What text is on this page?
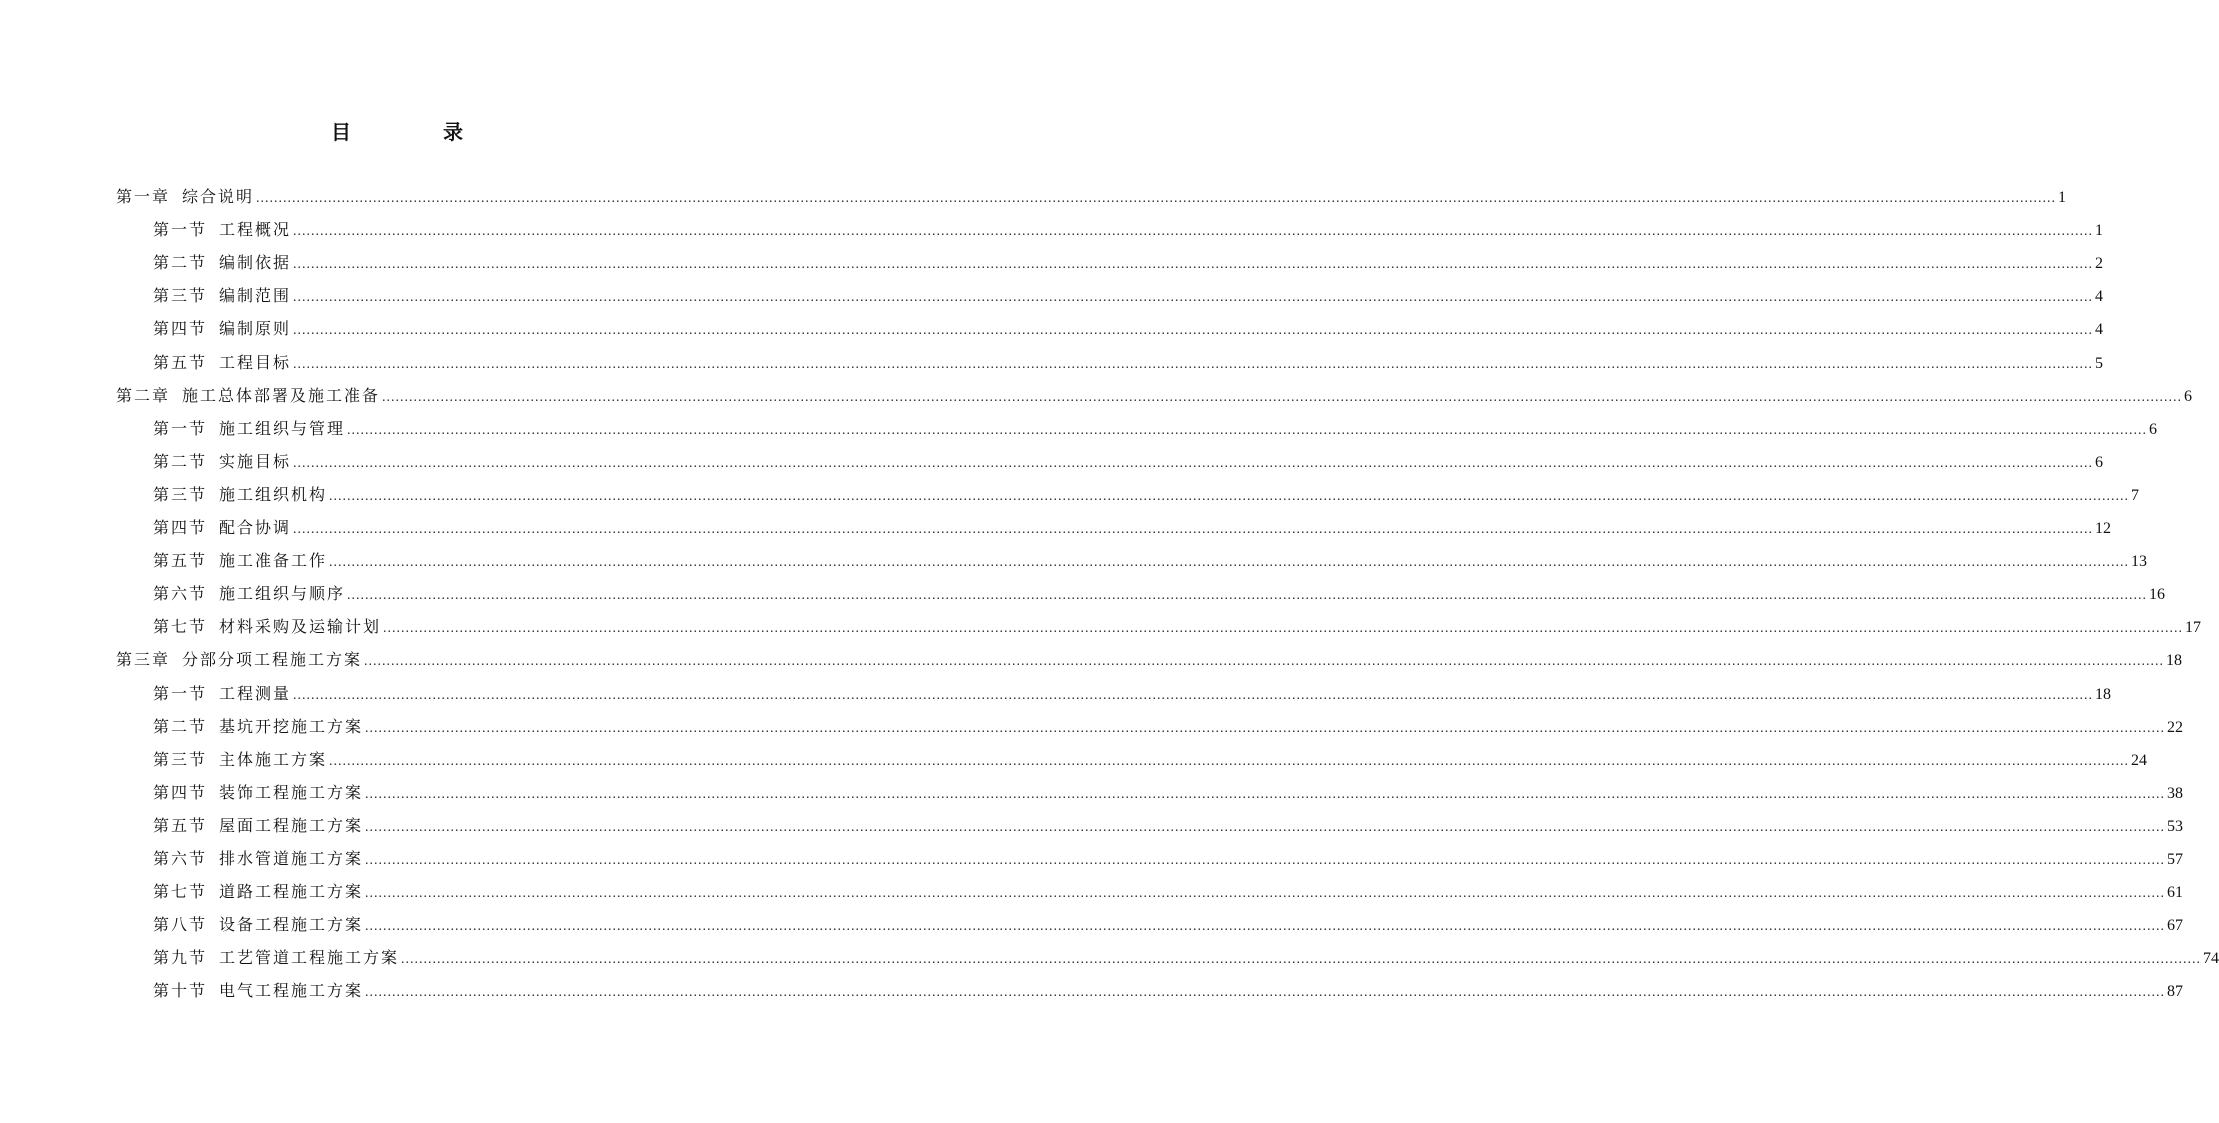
目　录
第一章 综合说明 ................................................................................................................................................................................................................................................................................................................................................................................................................ 1
第一节 工程概况 ................................................................................................................................................................................................................................................................................................................................................................................................................ 1
第二节 编制依据 ................................................................................................................................................................................................................................................................................................................................................................................................................ 2
第三节 编制范围 ................................................................................................................................................................................................................................................................................................................................................................................................................ 4
第四节 编制原则 ................................................................................................................................................................................................................................................................................................................................................................................................................ 4
第五节 工程目标 ................................................................................................................................................................................................................................................................................................................................................................................................................ 5
第二章 施工总体部署及施工准备 ................................................................................................................................................................................................................................................................................................................................................................................................................ 6
第一节 施工组织与管理 ................................................................................................................................................................................................................................................................................................................................................................................................................ 6
第二节 实施目标 ................................................................................................................................................................................................................................................................................................................................................................................................................ 6
第三节 施工组织机构 ................................................................................................................................................................................................................................................................................................................................................................................................................ 7
第四节 配合协调 ................................................................................................................................................................................................................................................................................................................................................................................................................ 12
第五节 施工准备工作 ................................................................................................................................................................................................................................................................................................................................................................................................................ 13
第六节 施工组织与顺序 ................................................................................................................................................................................................................................................................................................................................................................................................................ 16
第七节 材料采购及运输计划 ................................................................................................................................................................................................................................................................................................................................................................................................................ 17
第三章 分部分项工程施工方案 ................................................................................................................................................................................................................................................................................................................................................................................................................ 18
第一节 工程测量 ................................................................................................................................................................................................................................................................................................................................................................................................................ 18
第二节 基坑开挖施工方案 ................................................................................................................................................................................................................................................................................................................................................................................................................ 22
第三节 主体施工方案 ................................................................................................................................................................................................................................................................................................................................................................................................................ 24
第四节 装饰工程施工方案 ................................................................................................................................................................................................................................................................................................................................................................................................................ 38
第五节 屋面工程施工方案 ................................................................................................................................................................................................................................................................................................................................................................................................................ 53
第六节 排水管道施工方案 ................................................................................................................................................................................................................................................................................................................................................................................................................ 57
第七节 道路工程施工方案 ................................................................................................................................................................................................................................................................................................................................................................................................................ 61
第八节 设备工程施工方案 ................................................................................................................................................................................................................................................................................................................................................................................................................ 67
第九节 工艺管道工程施工方案 ................................................................................................................................................................................................................................................................................................................................................................................................................ 74
第十节 电气工程施工方案 ................................................................................................................................................................................................................................................................................................................................................................................................................ 87
